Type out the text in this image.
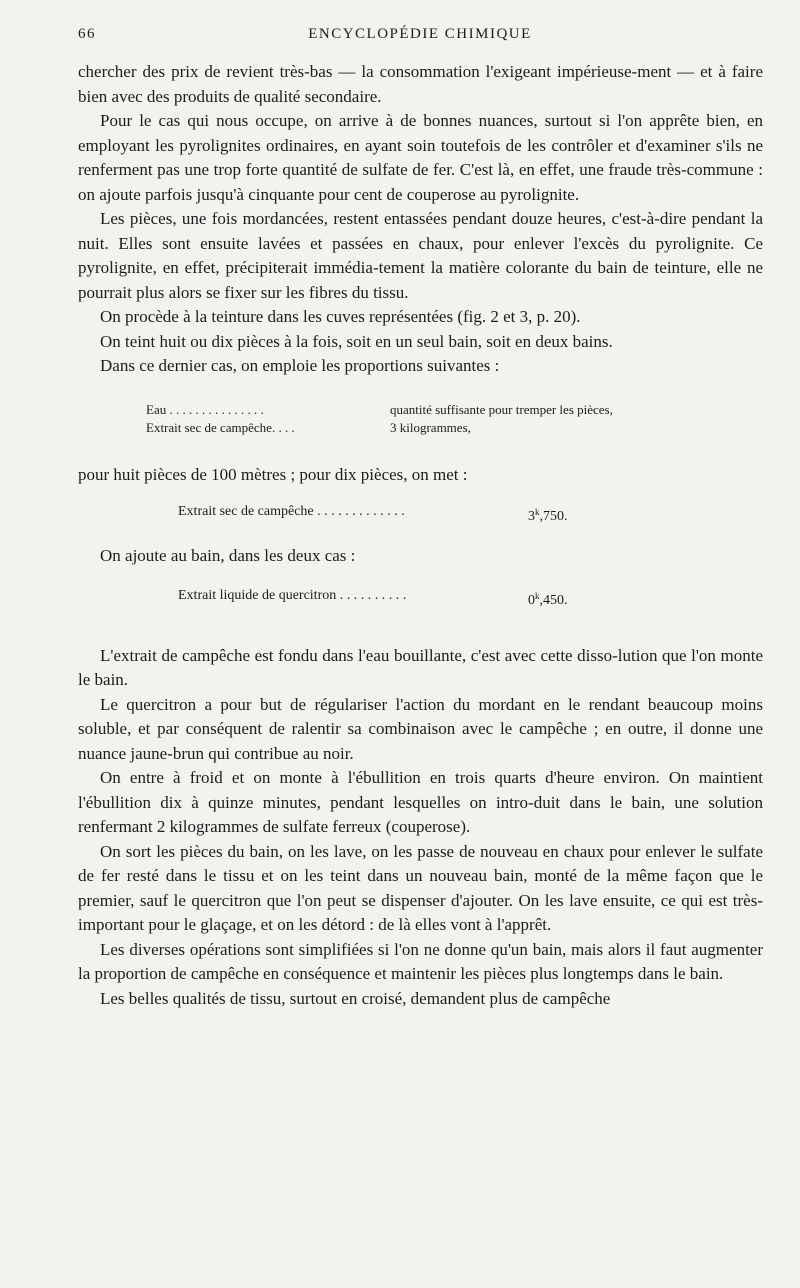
66	ENCYCLOPÉDIE CHIMIQUE

chercher des prix de revient très-bas — la consommation l'exigeant impérieuse-ment — et à faire bien avec des produits de qualité secondaire.

Pour le cas qui nous occupe, on arrive à de bonnes nuances, surtout si l'on apprête bien, en employant les pyrolignites ordinaires, en ayant soin toutefois de les contrôler et d'examiner s'ils ne renferment pas une trop forte quantité de sulfate de fer. C'est là, en effet, une fraude très-commune : on ajoute parfois jusqu'à cinquante pour cent de couperose au pyrolignite.

Les pièces, une fois mordancées, restent entassées pendant douze heures, c'est-à-dire pendant la nuit. Elles sont ensuite lavées et passées en chaux, pour enlever l'excès du pyrolignite. Ce pyrolignite, en effet, précipiterait immédia-tement la matière colorante du bain de teinture, elle ne pourrait plus alors se fixer sur les fibres du tissu.

On procède à la teinture dans les cuves représentées (fig. 2 et 3, p. 20).

On teint huit ou dix pièces à la fois, soit en un seul bain, soit en deux bains.

Dans ce dernier cas, on emploie les proportions suivantes :

Eau . . . . . . . . . . . . . . .	quantité suffisante pour tremper les pièces,
Extrait sec de campêche. . . .	3 kilogrammes,

pour huit pièces de 100 mètres ; pour dix pièces, on met :

Extrait sec de campêche . . . . . . . . . . . . .	3$^k$,750.

On ajoute au bain, dans les deux cas :

Extrait liquide de quercitron . . . . . . . . . .	0$^k$,450.

L'extrait de campêche est fondu dans l'eau bouillante, c'est avec cette disso-lution que l'on monte le bain.

Le quercitron a pour but de régulariser l'action du mordant en le rendant beaucoup moins soluble, et par conséquent de ralentir sa combinaison avec le campêche ; en outre, il donne une nuance jaune-brun qui contribue au noir.

On entre à froid et on monte à l'ébullition en trois quarts d'heure environ. On maintient l'ébullition dix à quinze minutes, pendant lesquelles on intro-duit dans le bain, une solution renfermant 2 kilogrammes de sulfate ferreux (couperose).

On sort les pièces du bain, on les lave, on les passe de nouveau en chaux pour enlever le sulfate de fer resté dans le tissu et on les teint dans un nouveau bain, monté de la même façon que le premier, sauf le quercitron que l'on peut se dispenser d'ajouter. On les lave ensuite, ce qui est très-important pour le glaçage, et on les détord : de là elles vont à l'apprêt.

Les diverses opérations sont simplifiées si l'on ne donne qu'un bain, mais alors il faut augmenter la proportion de campêche en conséquence et maintenir les pièces plus longtemps dans le bain.

Les belles qualités de tissu, surtout en croisé, demandent plus de campêche
